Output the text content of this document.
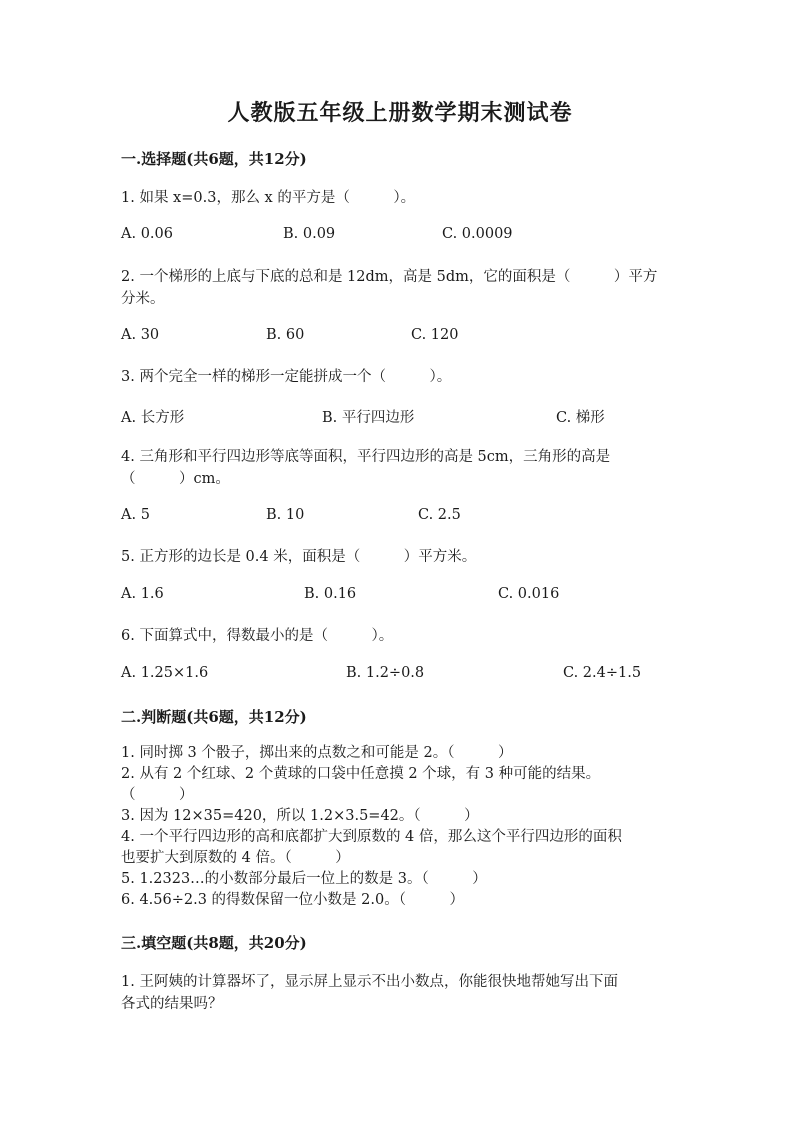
人教版五年级上册数学期末测试卷
一.选择题(共6题，共12分)
1. 如果 x=0.3，那么 x 的平方是（　　　）。
A. 0.06	B. 0.09	C. 0.0009
2. 一个梯形的上底与下底的总和是 12dm，高是 5dm，它的面积是（　　　）平方
分米。
A. 30	B. 60	C. 120
3. 两个完全一样的梯形一定能拼成一个（　　　）。
A. 长方形	B. 平行四边形	C. 梯形
4. 三角形和平行四边形等底等面积，平行四边形的高是 5cm，三角形的高是
（　　　）cm。
A. 5	B. 10	C. 2.5
5. 正方形的边长是 0.4 米，面积是（　　　）平方米。
A. 1.6	B. 0.16	C. 0.016
6. 下面算式中，得数最小的是（　　　）。
A. 1.25×1.6	B. 1.2÷0.8	C. 2.4÷1.5
二.判断题(共6题，共12分)
1. 同时掷 3 个骰子，掷出来的点数之和可能是 2。（　　　）
2. 从有 2 个红球、2 个黄球的口袋中任意摸 2 个球，有 3 种可能的结果。
（　　　）
3. 因为 12×35=420，所以 1.2×3.5=42。（　　　）
4. 一个平行四边形的高和底都扩大到原数的 4 倍，那么这个平行四边形的面积
也要扩大到原数的 4 倍。（　　　）
5. 1.2323…的小数部分最后一位上的数是 3。（　　　）
6. 4.56÷2.3 的得数保留一位小数是 2.0。（　　　）
三.填空题(共8题，共20分)
1. 王阿姨的计算器坏了，显示屏上显示不出小数点，你能很快地帮她写出下面
各式的结果吗？
